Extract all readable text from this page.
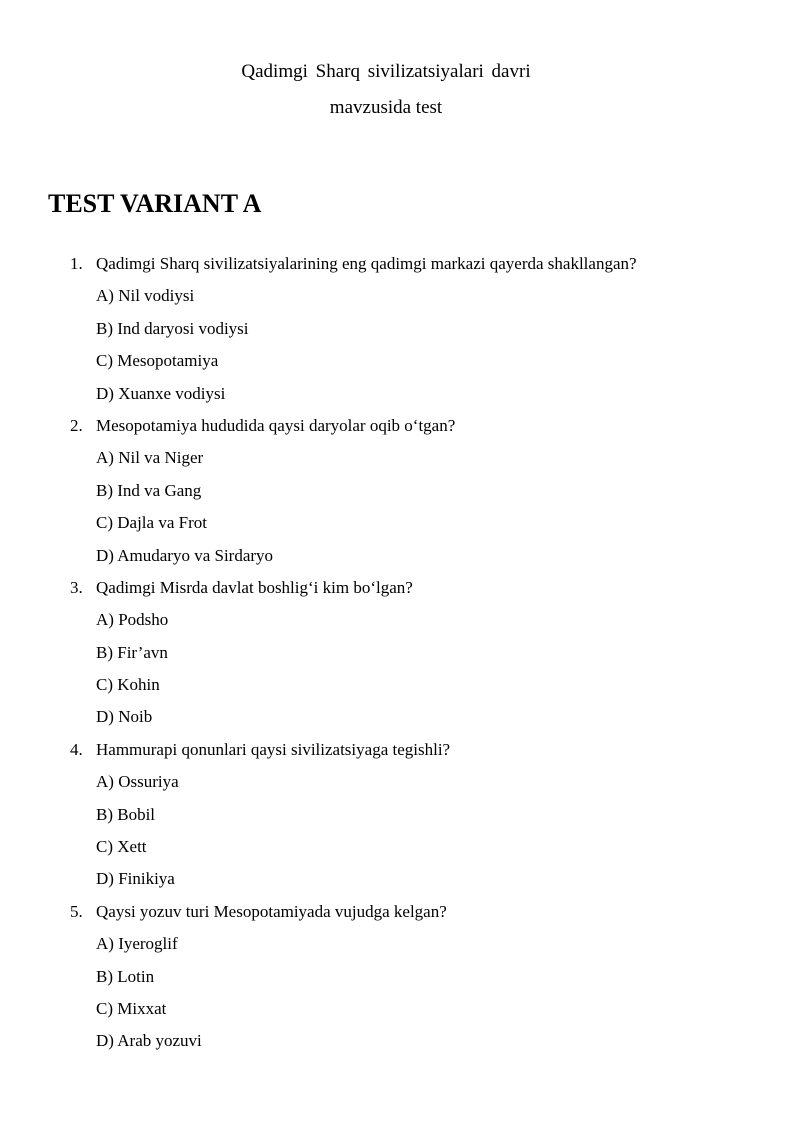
Qadimgi Sharq sivilizatsiyalari davri
mavzusida test
TEST VARIANT A
1. Qadimgi Sharq sivilizatsiyalarining eng qadimgi markazi qayerda shakllangan?
A) Nil vodiysi
B) Ind daryosi vodiysi
C) Mesopotamiya
D) Xuanxe vodiysi
2. Mesopotamiya hududida qaysi daryolar oqib o‘tgan?
A) Nil va Niger
B) Ind va Gang
C) Dajla va Frot
D) Amudaryo va Sirdaryo
3. Qadimgi Misrda davlat boshlig‘i kim bo‘lgan?
A) Podsho
B) Fir’avn
C) Kohin
D) Noib
4. Hammurapi qonunlari qaysi sivilizatsiyaga tegishli?
A) Ossuriya
B) Bobil
C) Xett
D) Finikiya
5. Qaysi yozuv turi Mesopotamiyada vujudga kelgan?
A) Iyeroglif
B) Lotin
C) Mixxat
D) Arab yozuvi
